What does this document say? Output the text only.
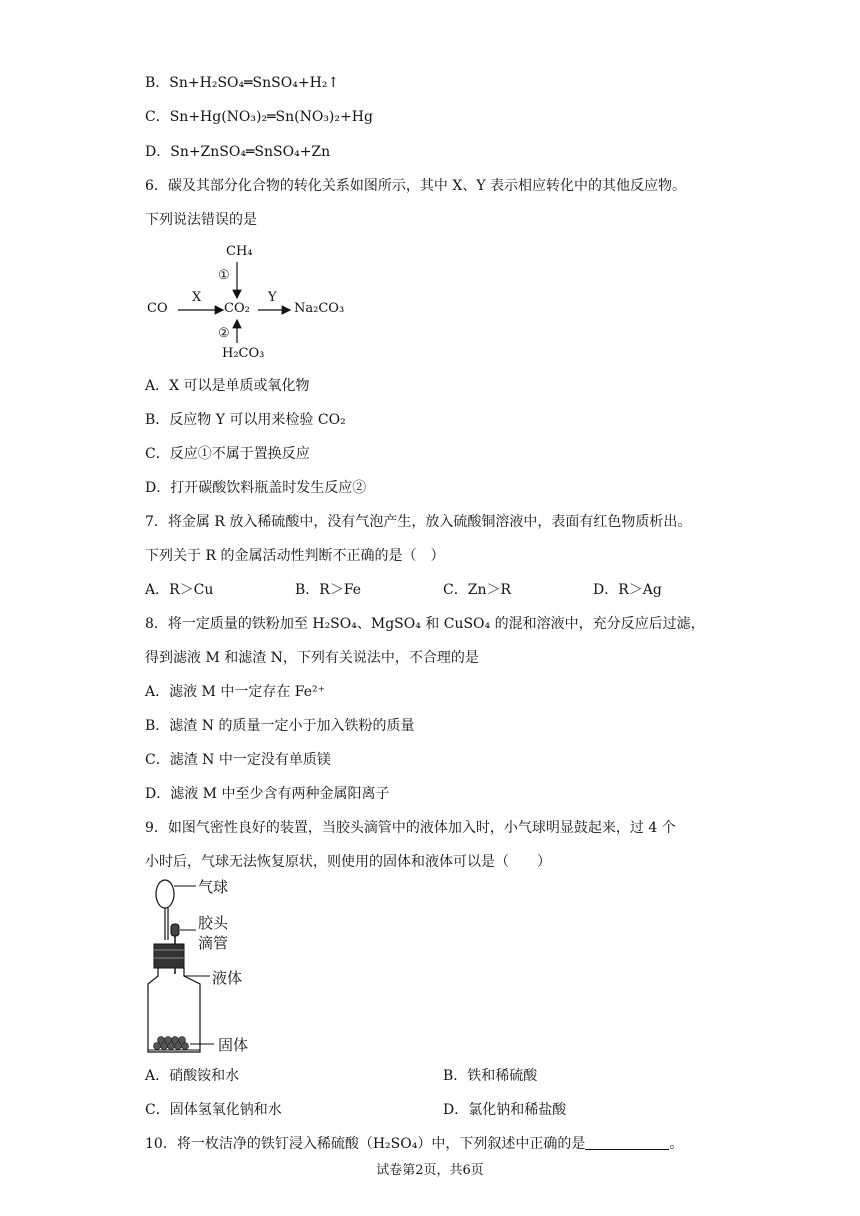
B．Sn+H₂SO₄═SnSO₄+H₂↑
C．Sn+Hg(NO₃)₂═Sn(NO₃)₂+Hg
D．Sn+ZnSO₄═SnSO₄+Zn
6．碳及其部分化合物的转化关系如图所示，其中 X、Y 表示相应转化中的其他反应物。
下列说法错误的是
CH₄
①
CO
X
CO₂
Y
Na₂CO₃
②
H₂CO₃
A．X 可以是单质或氧化物
B．反应物 Y 可以用来检验 CO₂
C．反应①不属于置换反应
D．打开碳酸饮料瓶盖时发生反应②
7．将金属 R 放入稀硫酸中，没有气泡产生，放入硫酸铜溶液中，表面有红色物质析出。
下列关于 R 的金属活动性判断不正确的是（　）
A．R＞Cu	B．R＞Fe	C．Zn＞R	D．R＞Ag
8．将一定质量的铁粉加至 H₂SO₄、MgSO₄ 和 CuSO₄ 的混和溶液中，充分反应后过滤，
得到滤液 M 和滤渣 N，下列有关说法中，不合理的是
A．滤液 M 中一定存在 Fe²⁺
B．滤渣 N 的质量一定小于加入铁粉的质量
C．滤渣 N 中一定没有单质镁
D．滤液 M 中至少含有两种金属阳离子
9．如图气密性良好的装置，当胶头滴管中的液体加入时，小气球明显鼓起来，过 4 个
小时后，气球无法恢复原状，则使用的固体和液体可以是（　　）
气球
胶头
滴管
液体
固体
A．硝酸铵和水	B．铁和稀硫酸
C．固体氢氧化钠和水	D．氯化钠和稀盐酸
10．将一枚洁净的铁钉浸入稀硫酸（H₂SO₄）中，下列叙述中正确的是	。
试卷第2页，共6页
